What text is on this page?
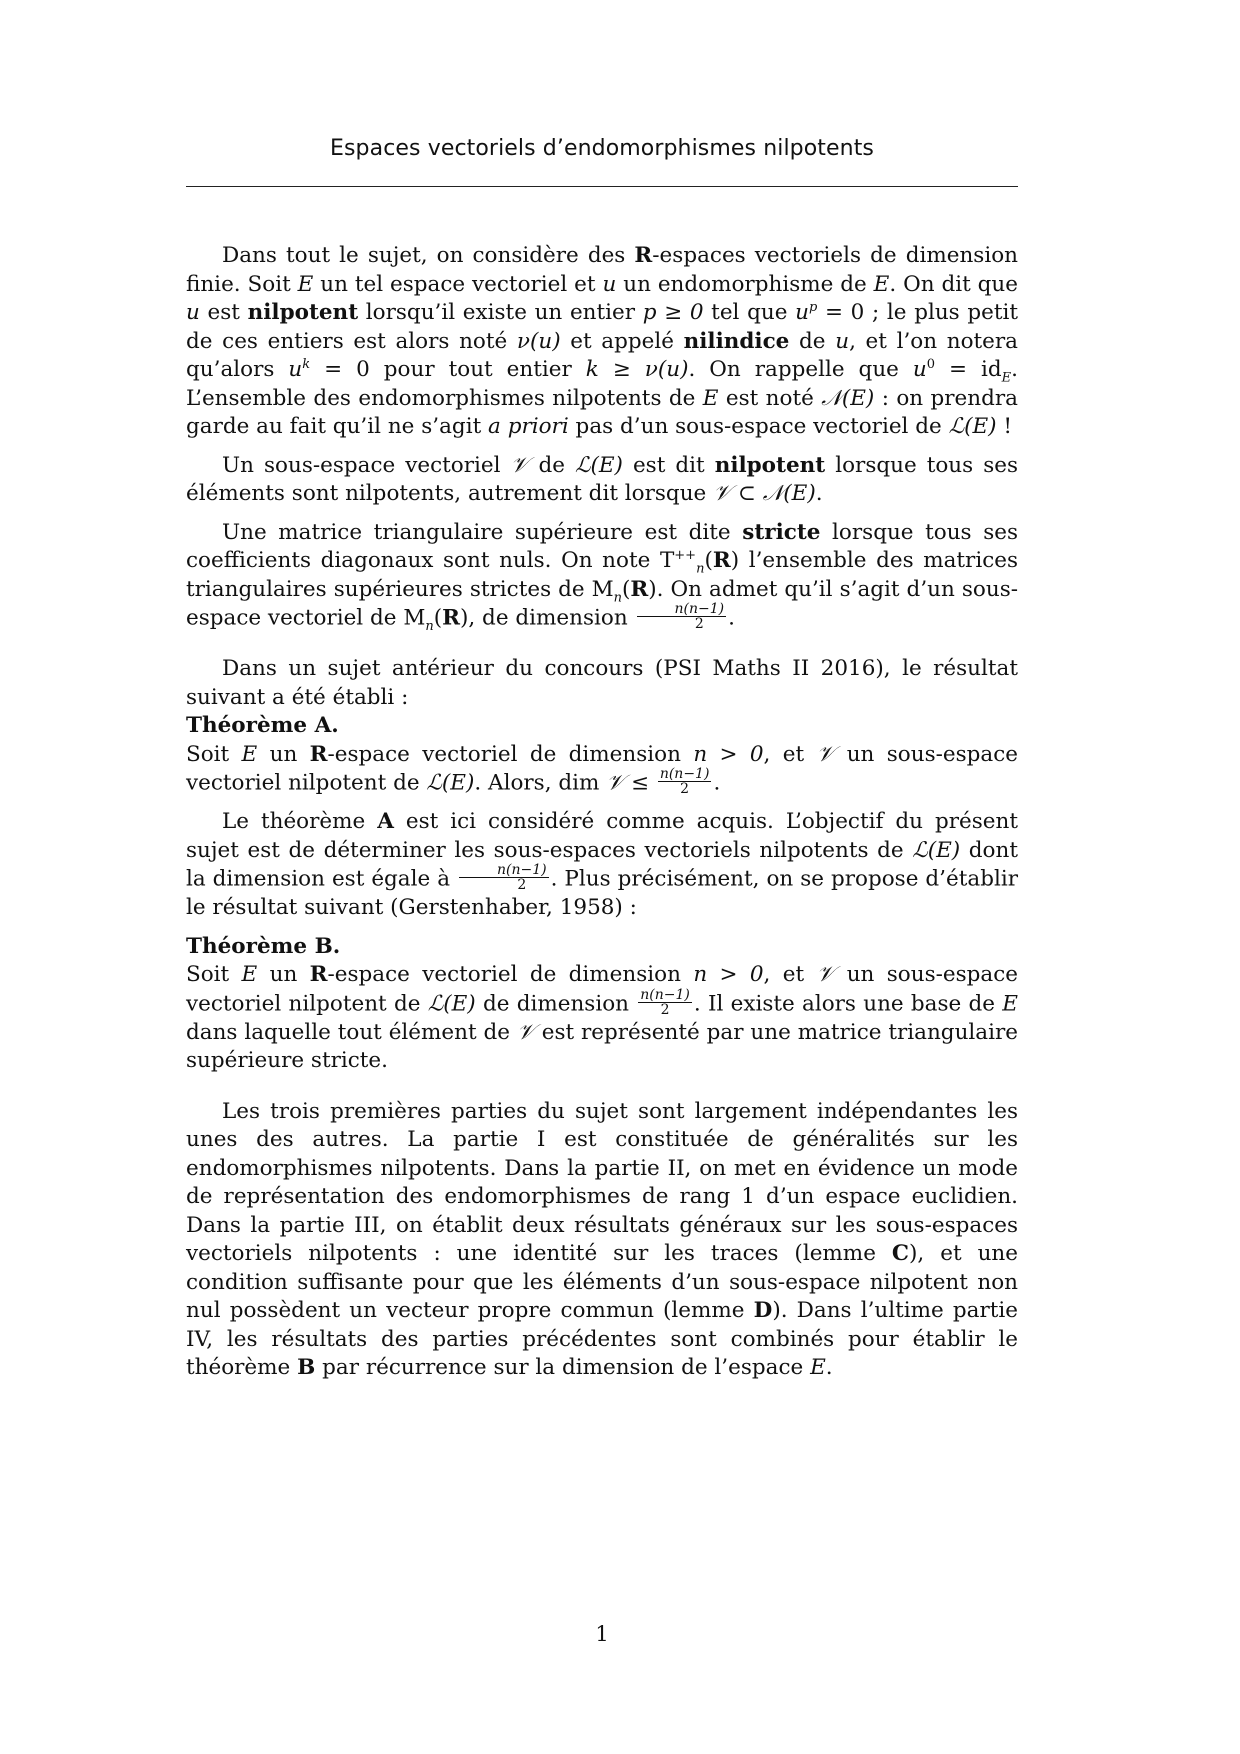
Espaces vectoriels d’endomorphismes nilpotents

Dans tout le sujet, on considère des R-espaces vectoriels de dimension finie. Soit E un tel espace vectoriel et u un endomorphisme de E. On dit que u est nilpotent lorsqu’il existe un entier p ≥ 0 tel que $u^p = 0$ ; le plus petit de ces entiers est alors noté ν(u) et appelé nilindice de u, et l’on notera qu’alors $u^k = 0$ pour tout entier k ≥ ν(u). On rappelle que $u^0 = id_E$. L’ensemble des endomorphismes nilpotents de E est noté 𝒩(E) : on prendra garde au fait qu’il ne s’agit a priori pas d’un sous-espace vectoriel de ℒ(E) !

Un sous-espace vectoriel 𝒱 de ℒ(E) est dit nilpotent lorsque tous ses éléments sont nilpotents, autrement dit lorsque 𝒱 ⊂ 𝒩(E).

Une matrice triangulaire supérieure est dite stricte lorsque tous ses coefficients diagonaux sont nuls. On note $T^{++}_n(R)$ l’ensemble des matrices triangulaires supérieures strictes de $M_n(R)$. On admet qu’il s’agit d’un sous-espace vectoriel de $M_n(R)$, de dimension $\frac{n(n-1)}{2}$ .

Dans un sujet antérieur du concours (PSI Maths II 2016), le résultat suivant a été établi :

Théorème A.

Soit E un R-espace vectoriel de dimension n > 0, et 𝒱 un sous-espace vectoriel nilpotent de ℒ(E). Alors, dim 𝒱 ≤ $\frac{n(n-1)}{2}$ .

Le théorème A est ici considéré comme acquis. L’objectif du présent sujet est de déterminer les sous-espaces vectoriels nilpotents de ℒ(E) dont la dimension est égale à $\frac{n(n-1)}{2}$ . Plus précisément, on se propose d’établir le résultat suivant (Gerstenhaber, 1958) :

Théorème B.

Soit E un R-espace vectoriel de dimension n > 0, et 𝒱 un sous-espace vectoriel nilpotent de ℒ(E) de dimension $\frac{n(n-1)}{2}$ . Il existe alors une base de E dans laquelle tout élément de 𝒱 est représenté par une matrice triangulaire supérieure stricte.

Les trois premières parties du sujet sont largement indépendantes les unes des autres. La partie I est constituée de généralités sur les endomorphismes nilpotents. Dans la partie II, on met en évidence un mode de représentation des endomorphismes de rang 1 d’un espace euclidien. Dans la partie III, on établit deux résultats généraux sur les sous-espaces vectoriels nilpotents : une identité sur les traces (lemme C), et une condition suffisante pour que les éléments d’un sous-espace nilpotent non nul possèdent un vecteur propre commun (lemme D). Dans l’ultime partie IV, les résultats des parties précédentes sont combinés pour établir le théorème B par récurrence sur la dimension de l’espace E.

1
